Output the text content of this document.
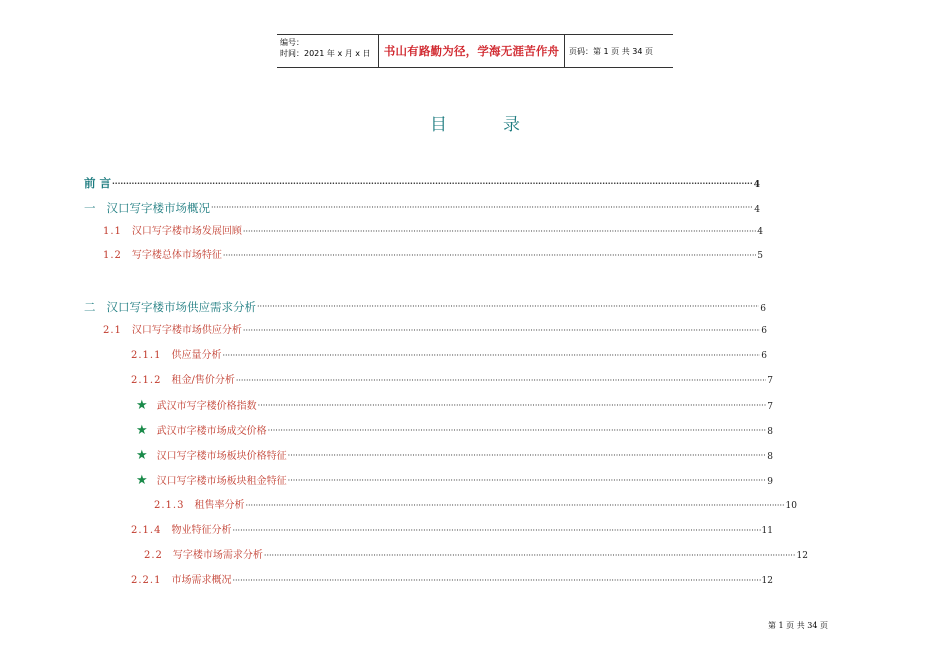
编号：
时间：2021 年 x 月 x 日	书山有路勤为径，学海无涯苦作舟	页码：第 1 页 共 34 页
目录
前 言 ·····	4
一 汉口写字楼市场概况 ·····	4
1.1 汉口写字楼市场发展回顾 ·····	4
1.2 写字楼总体市场特征 ·····	5
二 汉口写字楼市场供应需求分析 ·····	6
2.1 汉口写字楼市场供应分析 ·····	6
2.1.1 供应量分析 ·····	6
2.1.2 租金/售价分析 ·····	7
★ 武汉市写字楼价格指数 ·····	7
★ 武汉市字楼市场成交价格 ·····	8
★ 汉口写字楼市场板块价格特征 ·····	8
★ 汉口写字楼市场板块租金特征 ·····	9
2.1.3 租售率分析 ·····	10
2.1.4 物业特征分析 ·····	11
2.2 写字楼市场需求分析 ·····	12
2.2.1 市场需求概况 ·····	12
第 1 页 共 34 页
